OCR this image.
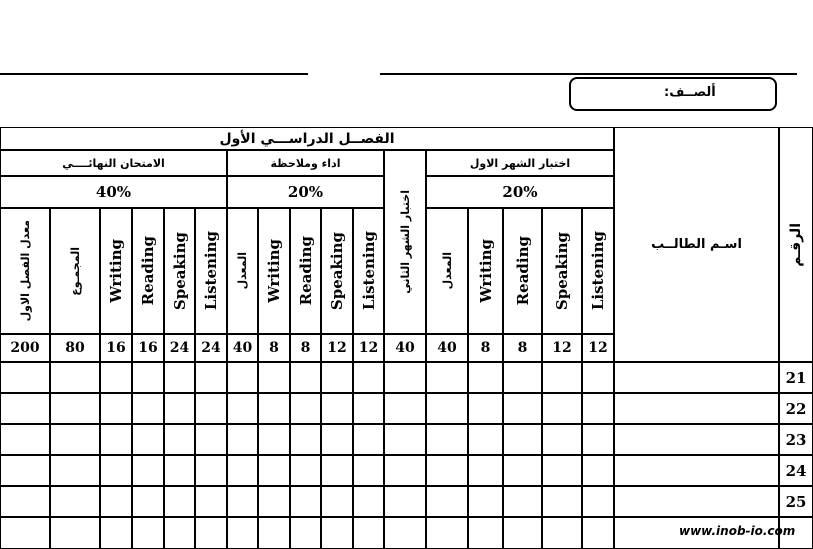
ألصــف:
الفصــل الدراســـي الأول
الامتحان النهائــــي
40%
اداء وملاحظة
20%
اختبار الشهر الاول
20%
اختبار الشهر الثاني
معدل الفصل الاول
200
المجمـوع
80
Writing
16
Reading
16
Speaking
24
Listening
24
المعدل
40
Writing
8
Reading
8
Speaking
12
Listening
12 40
المعدل
40
Writing
8
Reading
8
Speaking
12
Listening
12
اسـم الطالــب	الرقـم
21
22
23
24
25
www.inob-io.com
